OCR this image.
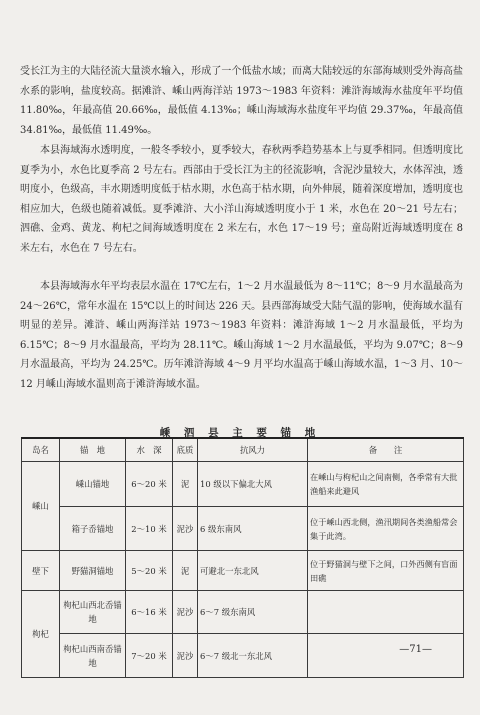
受长江为主的大陆径流大量淡水输入，形成了一个低盐水域；而离大陆较远的东部海域则受外海高盐水系的影响，盐度较高。据滩浒、嵊山两海洋站 1973～1983 年资料：滩浒海域海水盐度年平均值 11.80‰，年最高值 20.66‰，最低值 4.13‰；嵊山海域海水盐度年平均值 29.37‰，年最高值 34.81‰，最低值 11.49‰。

本县海域海水透明度，一般冬季较小，夏季较大，春秋两季趋势基本上与夏季相同。但透明度比夏季为小，水色比夏季高 2 号左右。西部由于受长江为主的径流影响，含泥沙量较大，水体浑浊，透明度小，色级高，丰水期透明度低于枯水期，水色高于枯水期，向外伸展，随着深度增加，透明度也相应加大，色级也随着减低。夏季滩浒、大小洋山海域透明度小于 1 米，水色在 20～21 号左右；泗礁、金鸡、黄龙、枸杞之间海域透明度在 2 米左右，水色 17～19 号；童岛附近海域透明度在 8 米左右，水色在 7 号左右。

本县海域海水年平均表层水温在 17℃左右，1～2 月水温最低为 8～11℃；8～9 月水温最高为 24～26℃，常年水温在 15℃以上的时间达 226 天。县西部海域受大陆气温的影响，使海域水温有明显的差异。滩浒、嵊山两海洋站 1973～1983 年资料：滩浒海域 1～2 月水温最低，平均为 6.15℃；8～9 月水温最高，平均为 28.11℃。嵊山海域 1～2 月水温最低，平均为 9.07℃；8～9 月水温最高，平均为 24.25℃。历年滩浒海域 4～9 月平均水温高于嵊山海域水温，1～3 月、10～12 月嵊山海域水温则高于滩浒海域水温。

嵊 泗 县 主 要 锚 地

岛名	锚　地	水　深	底质	抗风力	备　　注
嵊山	嵊山锚地	6～20 米	泥	10 级以下偏北大风	在嵊山与枸杞山之间南侧，各季常有大批渔船来此避风
	箱子岙锚地	2～10 米	泥沙	6 级东南风	位于嵊山西北侧，渔汛期间各类渔船常会集于此湾。
壁下	野猫洞锚地	5～20 米	泥	可避北一东北风	位于野猫洞与壁下之间，口外西侧有盲面田礁
枸杞	枸杞山西北岙锚地	6～16 米	泥沙	6～7 级东南风	
	枸杞山西南岙锚地	7～20 米	泥沙	6～7 级北一东北风	

—71—
